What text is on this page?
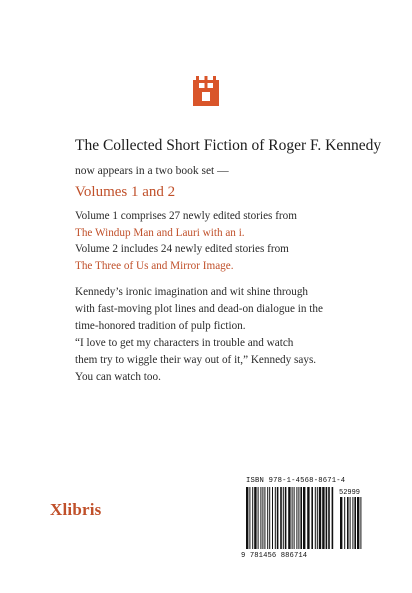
The Collected Short Fiction of Roger F. Kennedy
now appears in a two book set —
Volumes 1 and 2
Volume 1 comprises 27 newly edited stories from
The Windup Man and Lauri with an i.
Volume 2 includes 24 newly edited stories from
The Three of Us and Mirror Image.
Kennedy’s ironic imagination and wit shine through
with fast-moving plot lines and dead-on dialogue in the
time-honored tradition of pulp fiction.
“I love to get my characters in trouble and watch
them try to wiggle their way out of it,” Kennedy says.
You can watch too.
Xlibris
ISBN 978-1-4568-8671-4
52999
9 781456 886714
